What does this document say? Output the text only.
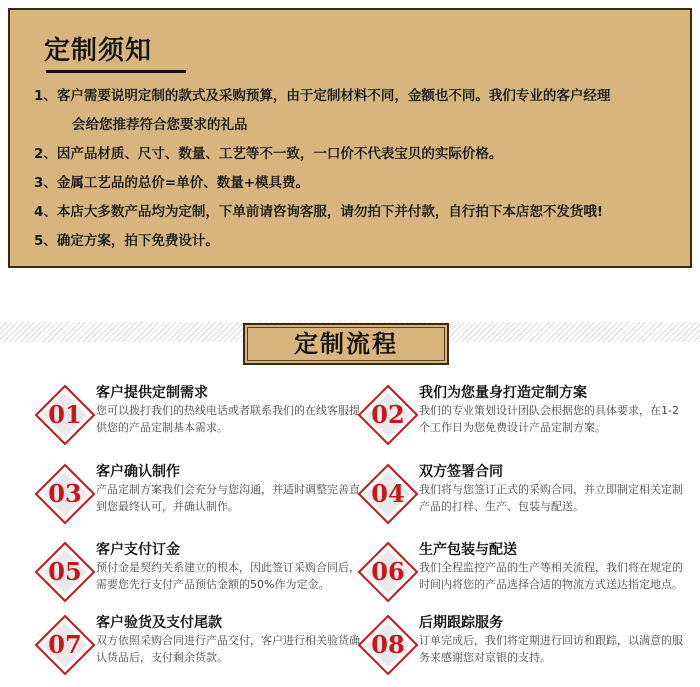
定制须知
1、客户需要说明定制的款式及采购预算，由于定制材料不同，金额也不同。我们专业的客户经理
会给您推荐符合您要求的礼品
2、因产品材质、尺寸、数量、工艺等不一致，一口价不代表宝贝的实际价格。
3、金属工艺品的总价=单价、数量+模具费。
4、本店大多数产品均为定制，下单前请咨询客服，请勿拍下并付款，自行拍下本店恕不发货哦!
5、确定方案，拍下免费设计。
定制流程
01
客户提供定制需求
您可以拨打我们的热线电话或者联系我们的在线客服提供您的产品定制基本需求。	02
我们为您量身打造定制方案
我们的专业策划设计团队会根据您的具体要求，在1-2个工作日为您免费设计产品定制方案。
03
客户确认制作
产品定制方案我们会充分与您沟通，并适时调整完善直到您最终认可，并确认制作。	04
双方签署合同
我们将与您签订正式的采购合同，并立即制定相关定制产品的打样、生产、包装与配送。
05
客户支付订金
预付金是契约关系建立的根本，因此签订采购合同后，需要您先行支付产品预估金额的50%作为定金。	06
生产包装与配送
我们全程监控产品的生产等相关流程，我们将在规定的时间内将您的产品选择合适的物流方式送达指定地点。
07
客户验货及支付尾款
双方依照采购合同进行产品交付，客户进行相关验货确认货品后，支付剩余货款。	08
后期跟踪服务
订单完成后，我们将定期进行回访和跟踪，以满意的服务来感谢您对京银的支持。
